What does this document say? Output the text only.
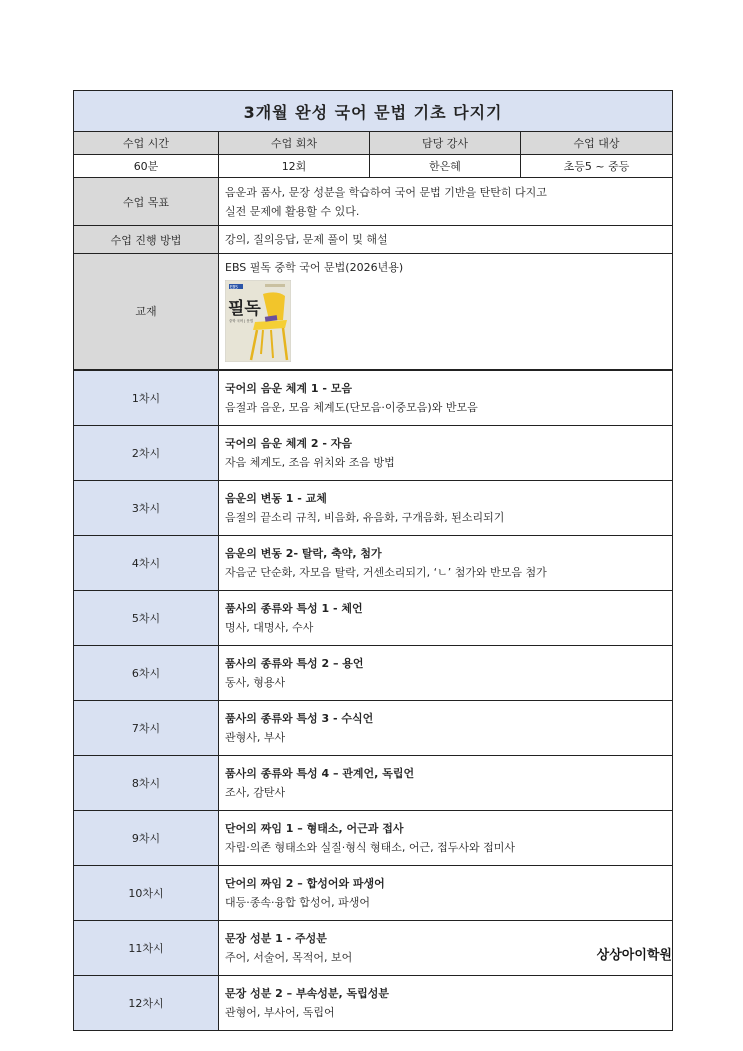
3개월 완성 국어 문법 기초 다지기			
수업 시간	수업 회차	담당 강사	수업 대상
60분	12회	한은혜	초등5 ~ 중등
수업 목표	음운과 품사, 문장 성분을 학습하여 국어 문법 기반을 탄탄히 다지고
실전 문제에 활용할 수 있다.		

수업 진행 방법	강의, 질의응답, 문제 풀이 및 해설		
교재	EBS 필독 중학 국어 문법(2026년용)
EBS
필독
중학 국어 | 문법		

1차시	국어의 음운 체계 1 - 모음
음절과 음운, 모음 체계도(단모음·이중모음)와 반모음		

2차시	국어의 음운 체계 2 - 자음
자음 체계도, 조음 위치와 조음 방법		

3차시	음운의 변동 1 - 교체
음절의 끝소리 규칙, 비음화, 유음화, 구개음화, 된소리되기		

4차시	음운의 변동 2- 탈락, 축약, 첨가
자음군 단순화, 자모음 탈락, 거센소리되기, ‘ㄴ’ 첨가와 반모음 첨가		

5차시	품사의 종류와 특성 1 - 체언
명사, 대명사, 수사		

6차시	품사의 종류와 특성 2 – 용언
동사, 형용사		

7차시	품사의 종류와 특성 3 - 수식언
관형사, 부사		

8차시	품사의 종류와 특성 4 – 관계언, 독립언
조사, 감탄사		

9차시	단어의 짜임 1 – 형태소, 어근과 접사
자립·의존 형태소와 실질·형식 형태소, 어근, 접두사와 접미사		

10차시	단어의 짜임 2 – 합성어와 파생어
대등·종속·융합 합성어, 파생어		

11차시	문장 성분 1 - 주성분
주어, 서술어, 목적어, 보어		

12차시	문장 성분 2 – 부속성분, 독립성분
관형어, 부사어, 독립어		
상상아이학원
